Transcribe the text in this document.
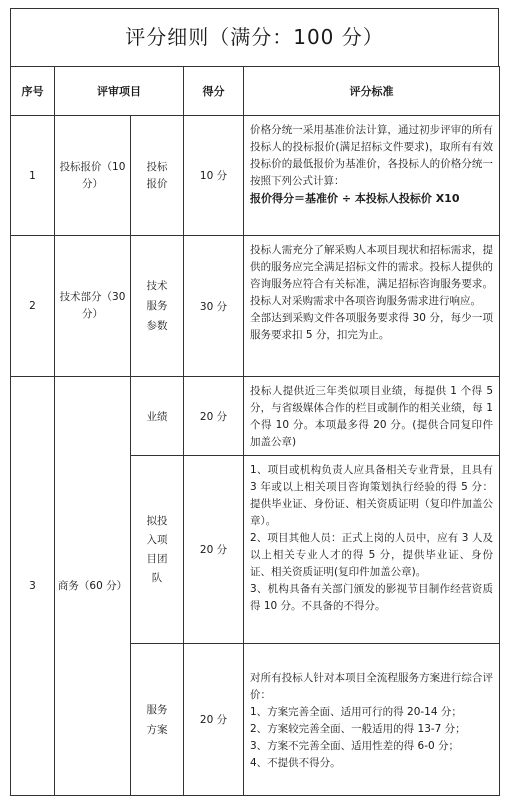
评分细则（满分：100 分）
序号	评审项目		得分	评分标准
1	投标报价（10 分）	投标报价	10 分	价格分统一采用基准价法计算，通过初步评审的所有投标人的投标报价(满足招标文件要求)，取所有有效投标价的最低报价为基准价，各投标人的价格分统一按照下列公式计算：

报价得分＝基准价 ÷ 本投标人投标价 X10

2	技术部分（30 分）	技术服务参数	30 分	投标人需充分了解采购人本项目现状和招标需求，提供的服务应完全满足招标文件的需求。投标人提供的咨询服务应符合有关标准，满足招标咨询服务要求。投标人对采购需求中各项咨询服务需求进行响应。

全部达到采购文件各项服务要求得 30 分，每少一项服务要求扣 5 分，扣完为止。

3	商务（60 分）	业绩	20 分	投标人提供近三年类似项目业绩，每提供 1 个得 5 分，与省级媒体合作的栏目或制作的相关业绩，每 1 个得 10 分。本项最多得 20 分。(提供合同复印件加盖公章)

		拟投入项目团队	20 分	1、项目或机构负责人应具备相关专业背景，且具有 3 年或以上相关项目咨询策划执行经验的得 5 分：提供毕业证、身份证、相关资质证明（复印件加盖公章）。

2、项目其他人员：正式上岗的人员中，应有 3 人及以上相关专业人才的得 5 分，提供毕业证、身份证、相关资质证明(复印件加盖公章)。

3、机构具备有关部门颁发的影视节目制作经营资质得 10 分。不具备的不得分。

		服务方案	20 分	对所有投标人针对本项目全流程服务方案进行综合评价：

1、方案完善全面、适用可行的得 20-14 分；

2、方案较完善全面、一般适用的得 13-7 分；

3、方案不完善全面、适用性差的得 6-0 分；

4、不提供不得分。
